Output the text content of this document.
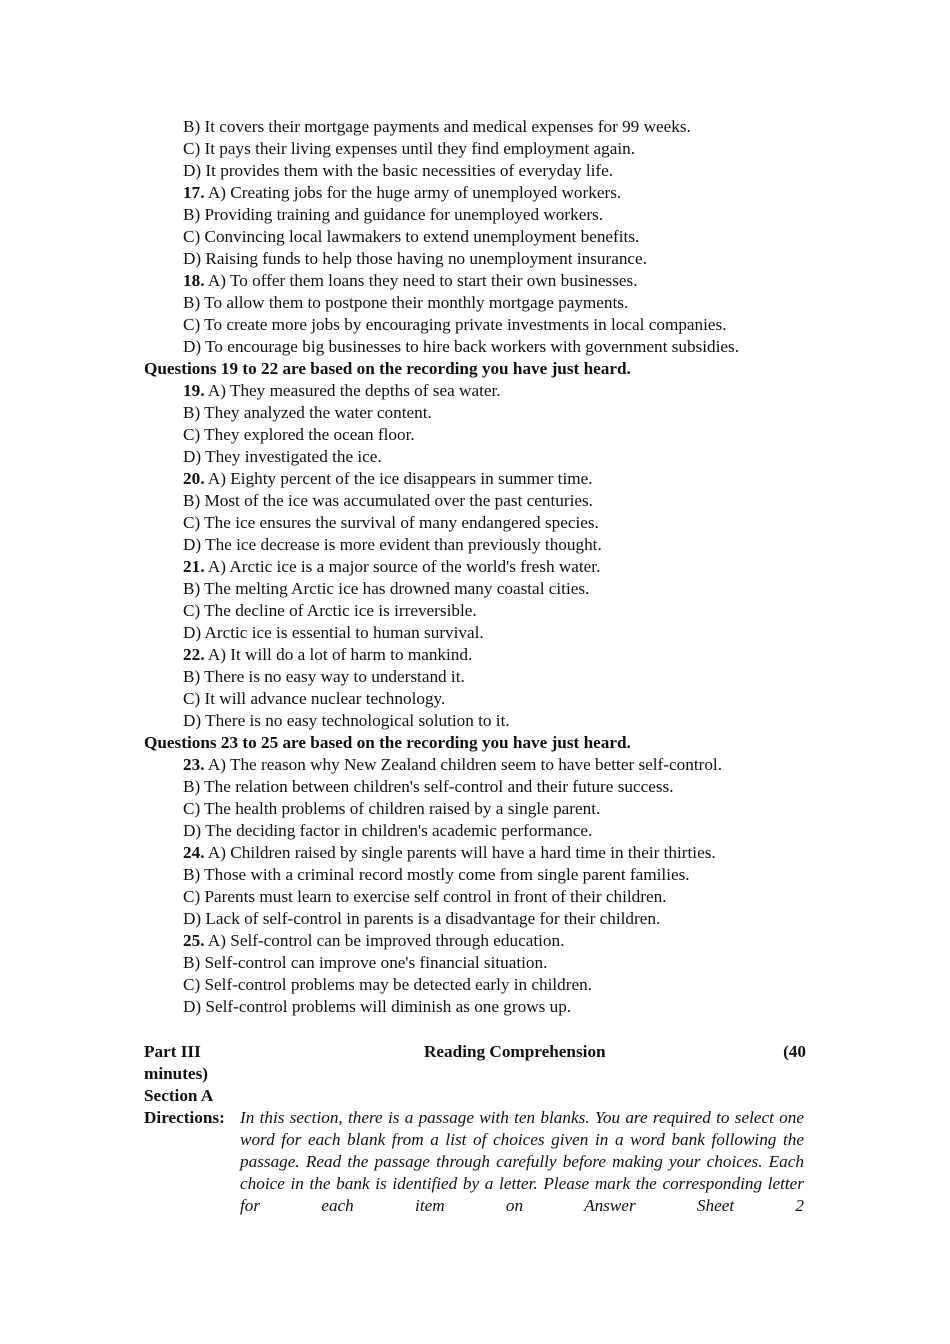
B) It covers their mortgage payments and medical expenses for 99 weeks.
C) It pays their living expenses until they find employment again.
D) It provides them with the basic necessities of everyday life.
17. A) Creating jobs for the huge army of unemployed workers.
B) Providing training and guidance for unemployed workers.
C) Convincing local lawmakers to extend unemployment benefits.
D) Raising funds to help those having no unemployment insurance.
18. A) To offer them loans they need to start their own businesses.
B) To allow them to postpone their monthly mortgage payments.
C) To create more jobs by encouraging private investments in local companies.
D) To encourage big businesses to hire back workers with government subsidies.
Questions 19 to 22 are based on the recording you have just heard.
19. A) They measured the depths of sea water.
B) They analyzed the water content.
C) They explored the ocean floor.
D) They investigated the ice.
20. A) Eighty percent of the ice disappears in summer time.
B) Most of the ice was accumulated over the past centuries.
C) The ice ensures the survival of many endangered species.
D) The ice decrease is more evident than previously thought.
21. A) Arctic ice is a major source of the world's fresh water.
B) The melting Arctic ice has drowned many coastal cities.
C) The decline of Arctic ice is irreversible.
D) Arctic ice is essential to human survival.
22. A) It will do a lot of harm to mankind.
B) There is no easy way to understand it.
C) It will advance nuclear technology.
D) There is no easy technological solution to it.
Questions 23 to 25 are based on the recording you have just heard.
23. A) The reason why New Zealand children seem to have better self-control.
B) The relation between children's self-control and their future success.
C) The health problems of children raised by a single parent.
D) The deciding factor in children's academic performance.
24. A) Children raised by single parents will have a hard time in their thirties.
B) Those with a criminal record mostly come from single parent families.
C) Parents must learn to exercise self control in front of their children.
D) Lack of self-control in parents is a disadvantage for their children.
25. A) Self-control can be improved through education.
B) Self-control can improve one's financial situation.
C) Self-control problems may be detected early in children.
D) Self-control problems will diminish as one grows up.
Part III	Reading Comprehension	(40
minutes)
Section A
Directions: In this section, there is a passage with ten blanks. You are required to select one word for each blank from a list of choices given in a word bank following the passage. Read the passage through carefully before making your choices. Each choice in the bank is identified by a letter. Please mark the corresponding letter for each item on Answer Sheet 2
